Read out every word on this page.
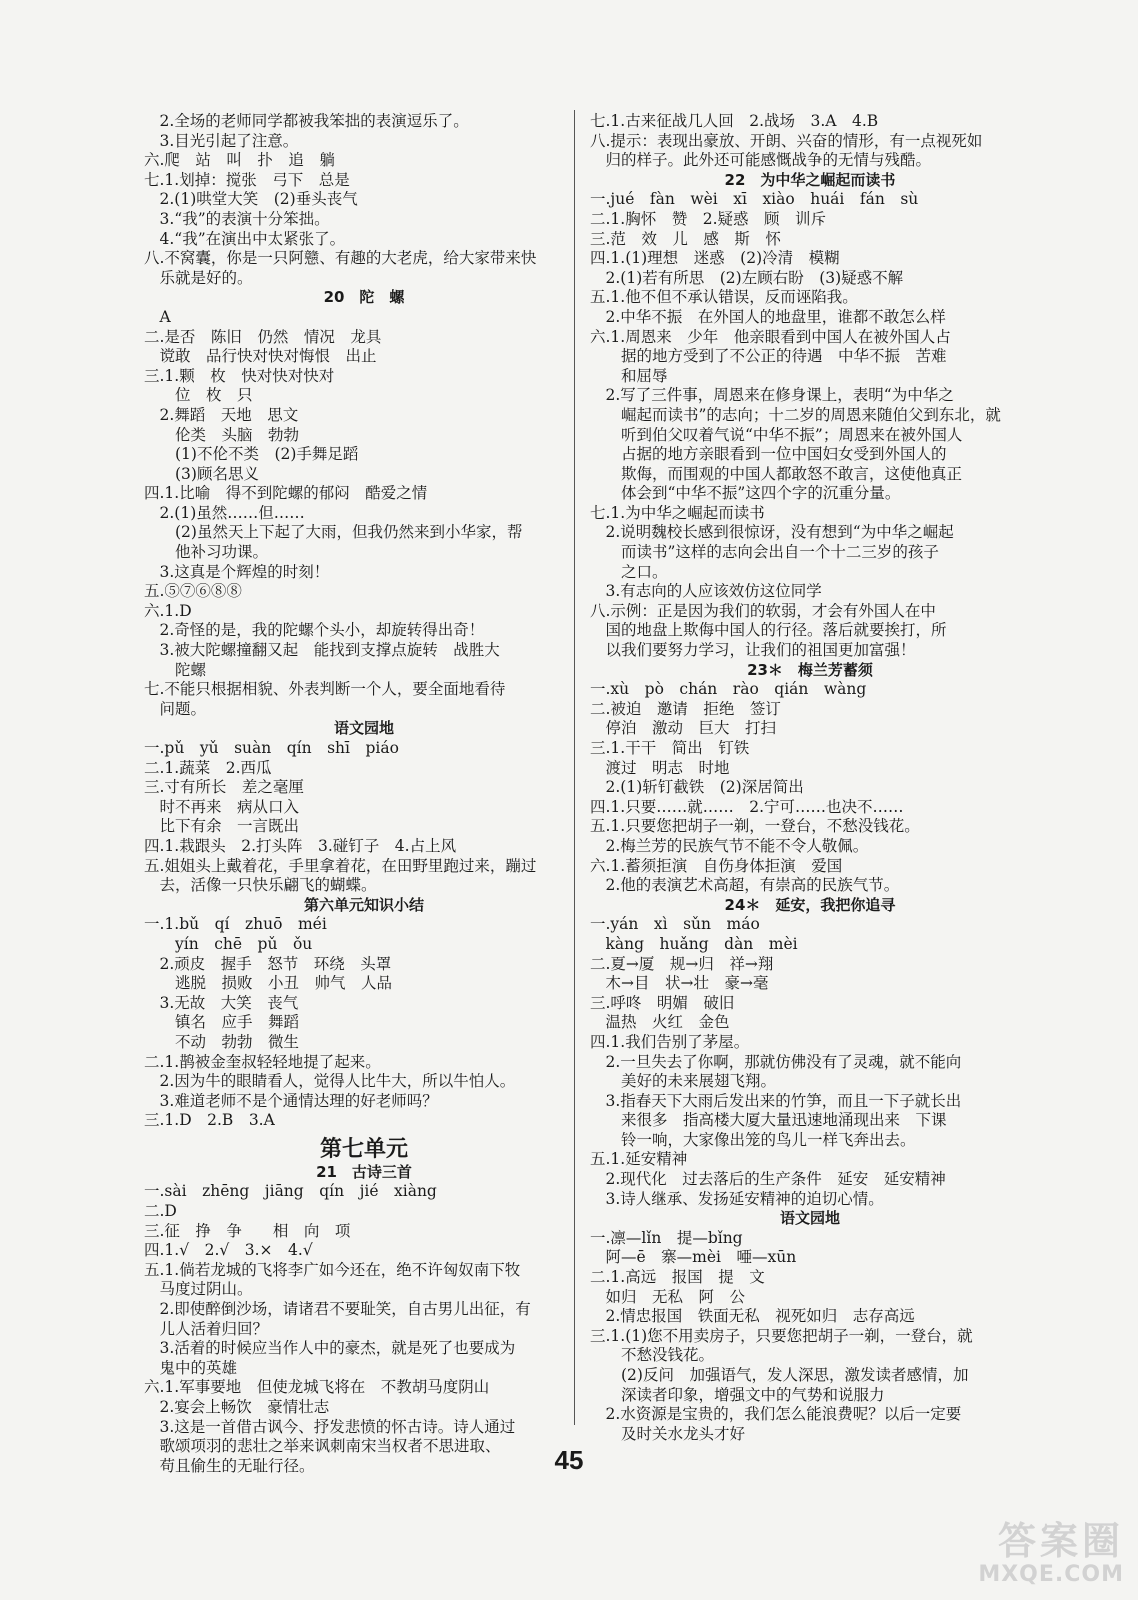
　2.全场的老师同学都被我笨拙的表演逗乐了。
　3.目光引起了注意。
六.爬　站　叫　扑　追　躺
七.1.划掉：搅张　弓下　总是
　2.(1)哄堂大笑　(2)垂头丧气
　3.“我”的表演十分笨拙。
　4.“我”在演出中太紧张了。
八.不窝囊，你是一只阿戆、有趣的大老虎，给大家带来快
　乐就是好的。
20　陀　螺
　A
二.是否　陈旧　仍然　情况　龙具
　谠敢　品行快对快对悔恨　出止
三.1.颗　枚　快对快对快对
　　位　枚　只
　2.舞蹈　天地　思文
　　伦类　头脑　勃勃
　　(1)不伦不类　(2)手舞足蹈
　　(3)顾名思义
四.1.比喻　得不到陀螺的郁闷　酷爱之情
　2.(1)虽然……但……
　　(2)虽然天上下起了大雨，但我仍然来到小华家，帮
　　他补习功课。
　3.这真是个辉煌的时刻！
五.⑤⑦⑥⑧⑧
六.1.D
　2.奇怪的是，我的陀螺个头小，却旋转得出奇！
　3.被大陀螺撞翻又起　能找到支撑点旋转　战胜大
　　陀螺
七.不能只根据相貌、外表判断一个人，要全面地看待
　问题。
语文园地
一.pǔ　yǔ　suàn　qín　shī　piáo
二.1.蔬菜　2.西瓜
三.寸有所长　差之毫厘
　时不再来　病从口入
　比下有余　一言既出
四.1.栽跟头　2.打头阵　3.碰钉子　4.占上风
五.姐姐头上戴着花，手里拿着花，在田野里跑过来，蹦过
　去，活像一只快乐翩飞的蝴蝶。
第六单元知识小结
一.1.bǔ　qí　zhuō　méi
　　yín　chē　pǔ　ǒu
　2.顽皮　握手　怒节　环绕　头罩
　　逃脱　损败　小丑　帅气　人品
　3.无故　大笑　丧气
　　镇名　应手　舞蹈
　　不动　勃勃　微生
二.1.鹊被金奎叔轻轻地提了起来。
　2.因为牛的眼睛看人，觉得人比牛大，所以牛怕人。
　3.难道老师不是个通情达理的好老师吗？
三.1.D　2.B　3.A
第七单元
21　古诗三首
一.sài　zhēng　jiāng　qín　jié　xiàng
二.D
三.征　挣　争　　相　向　项
四.1.√　2.√　3.×　4.√
五.1.倘若龙城的飞将李广如今还在，绝不许匈奴南下牧
　马度过阴山。
　2.即使醉倒沙场，请诸君不要耻笑，自古男儿出征，有
　儿人活着归回？
　3.活着的时候应当作人中的豪杰，就是死了也要成为
　鬼中的英雄
六.1.军事要地　但使龙城飞将在　不教胡马度阴山
　2.宴会上畅饮　豪情壮志
　3.这是一首借古讽今、抒发悲愤的怀古诗。诗人通过
　歌颂项羽的悲壮之举来讽刺南宋当权者不思进取、
　苟且偷生的无耻行径。
七.1.古来征战几人回　2.战场　3.A　4.B
八.提示：表现出豪放、开朗、兴奋的情形，有一点视死如
　归的样子。此外还可能感慨战争的无情与残酷。
22　为中华之崛起而读书
一.jué　fàn　wèi　xī　xiào　huái　fán　sù
二.1.胸怀　赞　2.疑惑　顾　训斥
三.范　效　儿　感　斯　怀
四.1.(1)理想　迷惑　(2)冷清　模糊
　2.(1)若有所思　(2)左顾右盼　(3)疑惑不解
五.1.他不但不承认错误，反而诬陷我。
　2.中华不振　在外国人的地盘里，谁都不敢怎么样
六.1.周恩来　少年　他亲眼看到中国人在被外国人占
　　据的地方受到了不公正的待遇　中华不振　苦难
　　和屈辱
　2.写了三件事，周恩来在修身课上，表明“为中华之
　　崛起而读书”的志向；十二岁的周恩来随伯父到东北，就
　　听到伯父叹着气说“中华不振”；周恩来在被外国人
　　占据的地方亲眼看到一位中国妇女受到外国人的
　　欺侮，而围观的中国人都敢怒不敢言，这使他真正
　　体会到“中华不振”这四个字的沉重分量。
七.1.为中华之崛起而读书
　2.说明魏校长感到很惊讶，没有想到“为中华之崛起
　　而读书”这样的志向会出自一个十二三岁的孩子
　　之口。
　3.有志向的人应该效仿这位同学
八.示例：正是因为我们的软弱，才会有外国人在中
　国的地盘上欺侮中国人的行径。落后就要挨打，所
　以我们要努力学习，让我们的祖国更加富强！
23＊　梅兰芳蓄须
一.xù　pò　chán　rào　qián　wàng
二.被迫　邀请　拒绝　签订
　停泊　激动　巨大　打扫
三.1.干干　简出　钉铁
　渡过　明志　时地
　2.(1)斩钉截铁　(2)深居简出
四.1.只要……就……　2.宁可……也决不……
五.1.只要您把胡子一剃，一登台，不愁没钱花。
　2.梅兰芳的民族气节不能不令人敬佩。
六.1.蓄须拒演　自伤身体拒演　爱国
　2.他的表演艺术高超，有崇高的民族气节。
24＊　延安，我把你追寻
一.yán　xì　sǔn　máo
　kàng　huǎng　dàn　mèi
二.夏→厦　规→归　祥→翔
　木→目　状→壮　豪→毫
三.呼咚　明媚　破旧
　温热　火红　金色
四.1.我们告别了茅屋。
　2.一旦失去了你啊，那就仿佛没有了灵魂，就不能向
　　美好的未来展翅飞翔。
　3.指春天下大雨后发出来的竹笋，而且一下子就长出
　　来很多　指高楼大厦大量迅速地涌现出来　下课
　　铃一响，大家像出笼的鸟儿一样飞奔出去。
五.1.延安精神
　2.现代化　过去落后的生产条件　延安　延安精神
　3.诗人继承、发扬延安精神的迫切心情。
语文园地
一.凛—lǐn　提—bǐng
　阿—ē　寨—mèi　唖—xūn
二.1.高远　报国　提　文
　如归　无私　阿　公
　2.情忠报国　铁面无私　视死如归　志存高远
三.1.(1)您不用卖房子，只要您把胡子一剃，一登台，就
　　不愁没钱花。
　　(2)反问　加强语气，发人深思，激发读者感情，加
　　深读者印象，增强文中的气势和说服力
　2.水资源是宝贵的，我们怎么能浪费呢？以后一定要
　　及时关水龙头才好
45
答案圈
MXQE.COM
